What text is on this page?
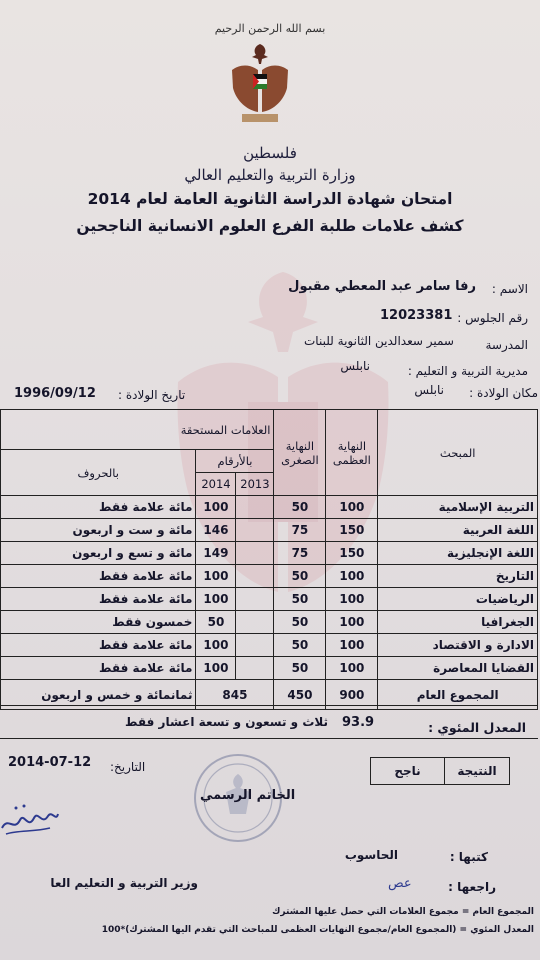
بسم الله الرحمن الرحيم
فلسطين
وزارة التربية والتعليم العالي
امتحان شهادة الدراسة الثانوية العامة لعام 2014
كشف علامات طلبة الفرع العلوم الانسانية الناجحين
الاسم :
رفا سامر عبد المعطي مقبول
رقم الجلوس :
12023381
المدرسة
سمير سعدالدين الثانوية للبنات
مديرية التربية و التعليم :
نابلس
مكان الولادة :
نابلس
تاريخ الولادة :
1996/09/12
المبحث	النهاية العظمى	النهاية الصغرى	العلامات المستحقة		
			بالأرقام		بالحروف
			2013	2014	
التربية الإسلامية	100	50		100	مائة علامة فقط
اللغة العربية	150	75		146	مائة و ست و اربعون
اللغة الإنجليزية	150	75		149	مائة و تسع و اربعون
التاريخ	100	50		100	مائة علامة فقط
الرياضيات	100	50		100	مائة علامة فقط
الجغرافيا	100	50		50	خمسون فقط
الادارة و الاقتصاد	100	50		100	مائة علامة فقط
القضايا المعاصرة	100	50		100	مائة علامة فقط
المجموع العام	900	450	845		ثمانمائة و خمس و اربعون
المعدل المئوي :
93.9
ثلاث و تسعون و تسعة اعشار فقط
النتيجة
ناجح
التاريخ:
2014-07-12
الخاتم الرسمي
كتبها :
الحاسوب
راجعها :
عص
وزير التربية و التعليم العا
المجموع العام = مجموع العلامات التي حصل عليها المشترك
المعدل المئوي = (المجموع العام/مجموع النهايات العظمى للمباحث التي تقدم اليها المشترك)*100
